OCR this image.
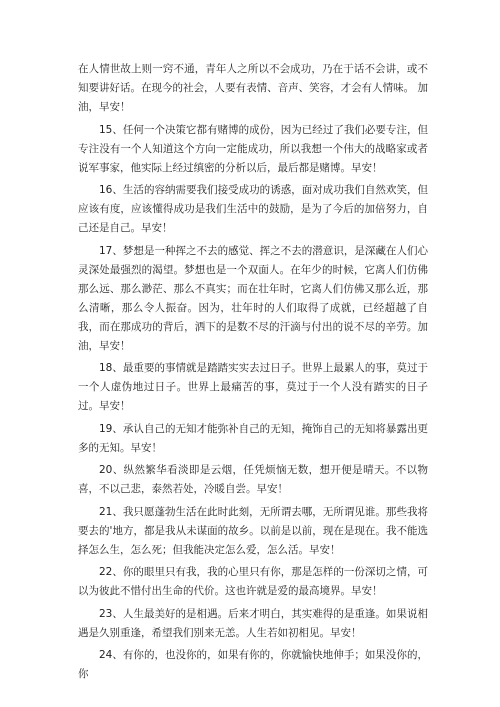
在人情世故上则一窍不通，青年人之所以不会成功，乃在于话不会讲，或不知要讲好话。在现今的社会，人要有表情、音声、笑容，才会有人情味。 加油，早安！

15、任何一个决策它都有赌博的成份，因为已经过了我们必要专注，但专注没有一个人知道这个方向一定能成功，所以我想一个伟大的战略家或者说军事家，他实际上经过缜密的分析以后，最后都是赌博。早安！

16、生活的容纳需要我们接受成功的诱惑，面对成功我们自然欢笑，但应该有度，应该懂得成功是我们生活中的鼓励，是为了今后的加倍努力，自己还是自己。早安！

17、梦想是一种挥之不去的感觉、挥之不去的潜意识，是深藏在人们心灵深处最强烈的渴望。梦想也是一个双面人。在年少的时候，它离人们仿佛那么远、那么渺茫、那么不真实；而在壮年时，它离人们仿佛又那么近，那么清晰，那么令人振奋。因为，壮年时的人们取得了成就，已经超越了自我，而在那成功的背后，洒下的是数不尽的汗滴与付出的说不尽的辛劳。加油，早安！

18、最重要的事情就是踏踏实实去过日子。世界上最累人的事，莫过于一个人虚伪地过日子。世界上最痛苦的事，莫过于一个人没有踏实的日子过。早安！

19、承认自己的无知才能弥补自己的无知，掩饰自己的无知将暴露出更多的无知。早安！

20、纵然繁华看淡即是云烟，任凭烦恼无数，想开便是晴天。不以物喜，不以己悲，泰然若处，冷暖自尝。早安！

21、我只愿蓬勃生活在此时此刻，无所谓去哪，无所谓见谁。那些我将要去的'地方，都是我从未谋面的故乡。以前是以前，现在是现在。我不能选择怎么生，怎么死；但我能决定怎么爱，怎么活。早安！

22、你的眼里只有我，我的心里只有你，那是怎样的一份深切之情，可以为彼此不惜付出生命的代价。这也许就是爱的最高境界。早安！

23、人生最美好的是相遇。后来才明白，其实难得的是重逢。如果说相遇是久别重逢，希望我们别来无恙。人生若如初相见。早安！

24、有你的，也没你的，如果有你的，你就愉快地伸手；如果没你的，你
